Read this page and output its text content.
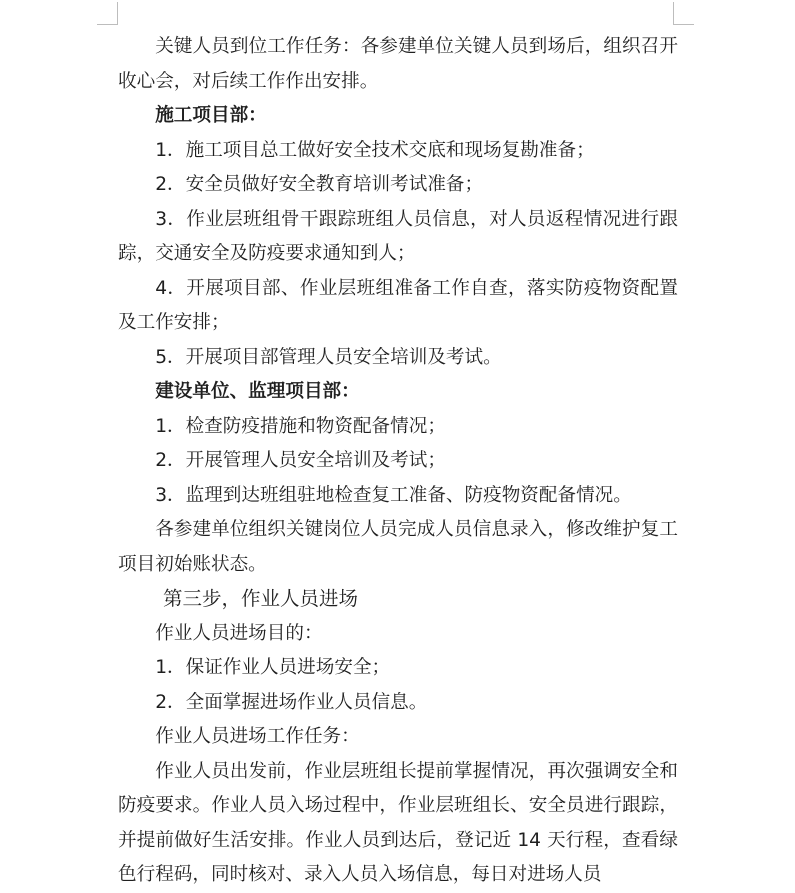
关键人员到位工作任务：各参建单位关键人员到场后，组织召开收心会，对后续工作作出安排。

施工项目部：

1．施工项目总工做好安全技术交底和现场复勘准备；

2．安全员做好安全教育培训考试准备；

3．作业层班组骨干跟踪班组人员信息，对人员返程情况进行跟踪，交通安全及防疫要求通知到人；

4．开展项目部、作业层班组准备工作自查，落实防疫物资配置及工作安排；

5．开展项目部管理人员安全培训及考试。

建设单位、监理项目部：

1．检查防疫措施和物资配备情况；

2．开展管理人员安全培训及考试；

3．监理到达班组驻地检查复工准备、防疫物资配备情况。

各参建单位组织关键岗位人员完成人员信息录入，修改维护复工项目初始账状态。

第三步，作业人员进场

作业人员进场目的：

1．保证作业人员进场安全；

2．全面掌握进场作业人员信息。

作业人员进场工作任务：

作业人员出发前，作业层班组长提前掌握情况，再次强调安全和防疫要求。作业人员入场过程中，作业层班组长、安全员进行跟踪，并提前做好生活安排。作业人员到达后，登记近 14 天行程，查看绿色行程码，同时核对、录入人员入场信息，每日对进场人员
